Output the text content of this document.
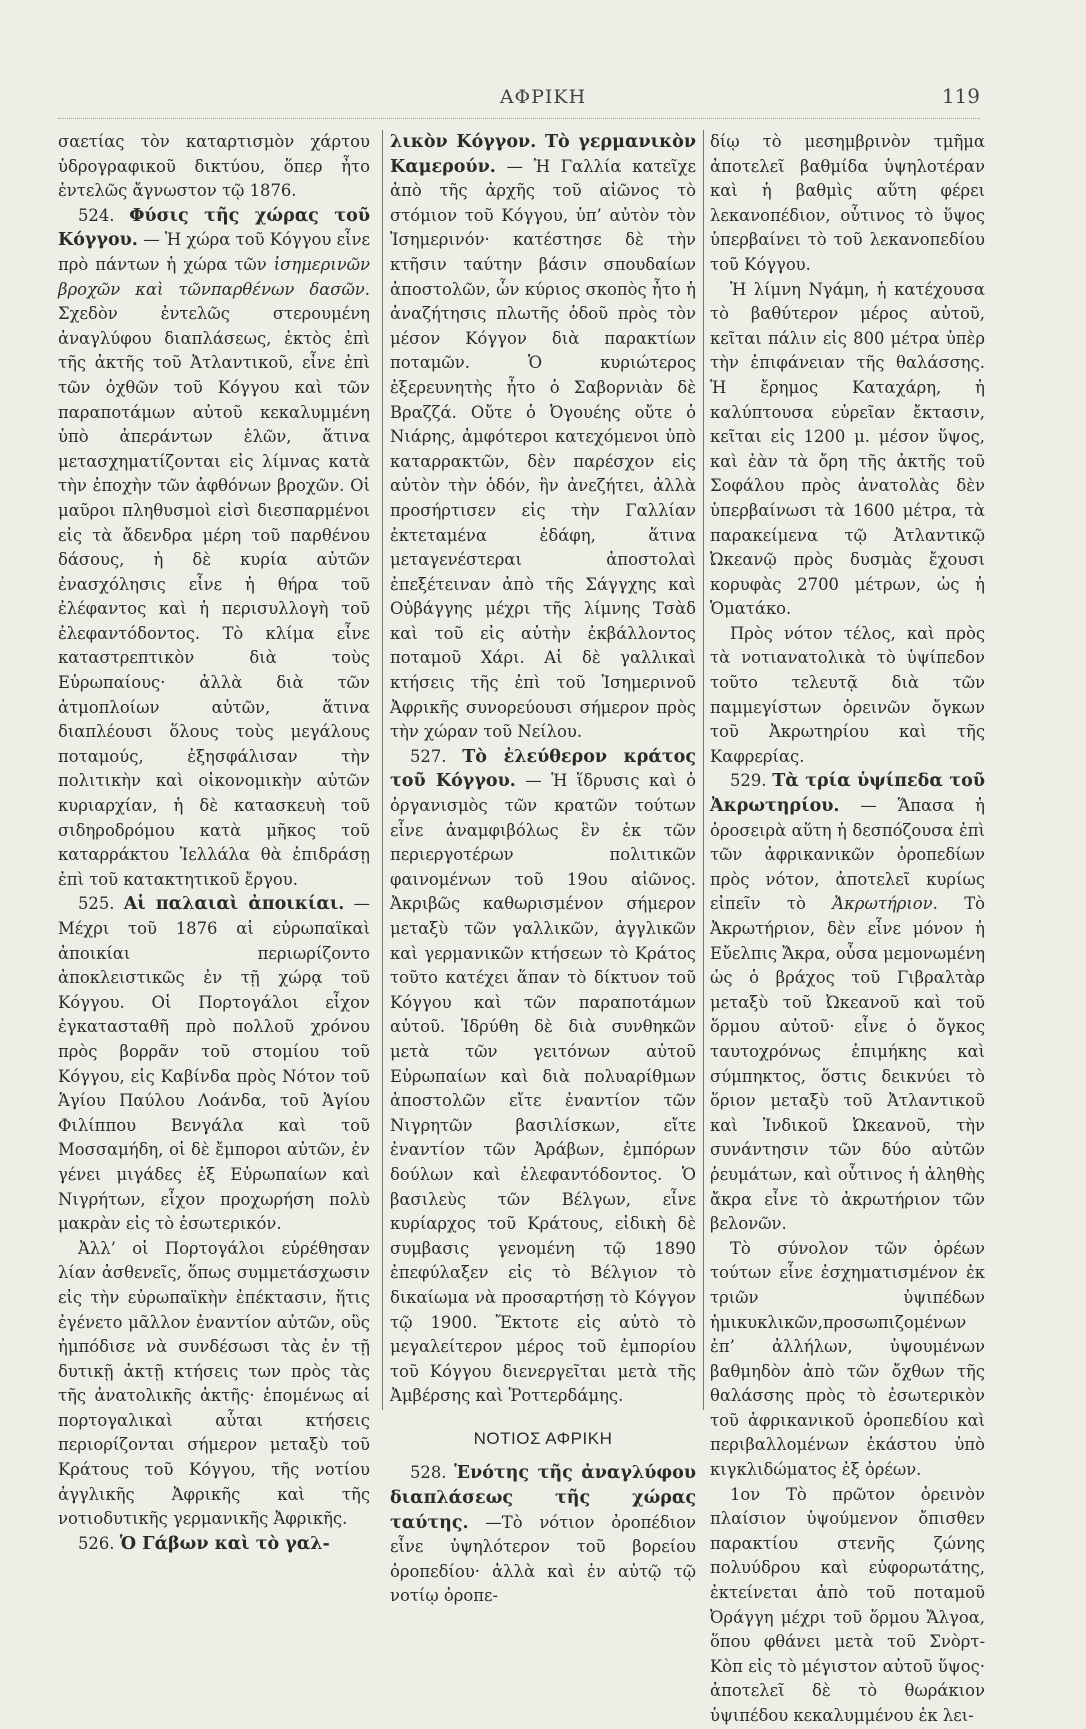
ΑΦΡΙΚΗ	119

σαετίας τὸν καταρτισμὸν χάρτου ὑδρογραφικοῦ δικτύου, ὅπερ ἦτο ἐντελῶς ἄγνωστον τῷ 1876.

524. Φύσις τῆς χώρας τοῦ Κόγγου. — Ἡ χώρα τοῦ Κόγγου εἶνε πρὸ πάντων ἡ χώρα τῶν ἰσημερινῶν βροχῶν καὶ τῶνπαρθένων δασῶν. Σχεδὸν ἐντελῶς στερουμένη ἀναγλύφου διαπλάσεως, ἐκτὸς ἐπὶ τῆς ἀκτῆς τοῦ Ἀτλαντικοῦ, εἶνε ἐπὶ τῶν ὀχθῶν τοῦ Κόγγου καὶ τῶν παραποτάμων αὐτοῦ κεκαλυμμένη ὑπὸ ἀπεράντων ἑλῶν, ἅτινα μετασχηματίζονται εἰς λίμνας κατὰ τὴν ἐποχὴν τῶν ἀφθόνων βροχῶν. Οἱ μαῦροι πληθυσμοὶ εἰσὶ διεσπαρμένοι εἰς τὰ ἄδενδρα μέρη τοῦ παρθένου δάσους, ἡ δὲ κυρία αὐτῶν ἐνασχόλησις εἶνε ἡ θήρα τοῦ ἐλέφαντος καὶ ἡ περισυλλογὴ τοῦ ἐλεφαντόδοντος. Τὸ κλίμα εἶνε καταστρεπτικὸν διὰ τοὺς Εὐρωπαίους· ἀλλὰ διὰ τῶν ἀτμοπλοίων αὐτῶν, ἅτινα διαπλέουσι ὅλους τοὺς μεγάλους ποταμούς, ἐξησφάλισαν τὴν πολιτικὴν καὶ οἰκονομικὴν αὐτῶν κυριαρχίαν, ἡ δὲ κατασκευὴ τοῦ σιδηροδρόμου κατὰ μῆκος τοῦ καταρράκτου Ἰελλάλα θὰ ἐπιδράσῃ ἐπὶ τοῦ κατακτητικοῦ ἔργου.

525. Αἱ παλαιαὶ ἀποικίαι. — Μέχρι τοῦ 1876 αἱ εὐρωπαϊκαὶ ἀποικίαι περιωρίζοντο ἀποκλειστικῶς ἐν τῇ χώρᾳ τοῦ Κόγγου. Οἱ Πορτογάλοι εἶχον ἐγκατασταθῆ πρὸ πολλοῦ χρόνου πρὸς βορρᾶν τοῦ στομίου τοῦ Κόγγου, εἰς Καβίνδα πρὸς Νότον τοῦ Ἁγίου Παύλου Λοάνδα, τοῦ Ἁγίου Φιλίππου Βενγάλα καὶ τοῦ Μοσσαμήδη, οἱ δὲ ἔμποροι αὐτῶν, ἐν γένει μιγάδες ἐξ Εὐρωπαίων καὶ Νιγρήτων, εἶχον προχωρήση πολὺ μακρὰν εἰς τὸ ἐσωτερικόν.

Ἀλλ’ οἱ Πορτογάλοι εὑρέθησαν λίαν ἀσθενεῖς, ὅπως συμμετάσχωσιν εἰς τὴν εὐρωπαϊκὴν ἐπέκτασιν, ἥτις ἐγένετο μᾶλλον ἐναντίον αὐτῶν, οὓς ἠμπόδισε νὰ συνδέσωσι τὰς ἐν τῇ δυτικῇ ἀκτῇ κτήσεις των πρὸς τὰς τῆς ἀνατολικῆς ἀκτῆς· ἑπομένως αἱ πορτογαλικαὶ αὗται κτήσεις περιορίζονται σήμερον μεταξὺ τοῦ Κράτους τοῦ Κόγγου, τῆς νοτίου ἀγγλικῆς Ἀφρικῆς καὶ τῆς νοτιοδυτικῆς γερμανικῆς Ἀφρικῆς.

526. Ὁ Γάβων καὶ τὸ γαλ-

λικὸν Κόγγον. Τὸ γερμανικὸν Καμερούν. — Ἡ Γαλλία κατεῖχε ἀπὸ τῆς ἀρχῆς τοῦ αἰῶνος τὸ στόμιον τοῦ Κόγγου, ὑπ’ αὐτὸν τὸν Ἰσημερινόν· κατέστησε δὲ τὴν κτῆσιν ταύτην βάσιν σπουδαίων ἀποστολῶν, ὧν κύριος σκοπὸς ἦτο ἡ ἀναζήτησις πλωτῆς ὁδοῦ πρὸς τὸν μέσον Κόγγον διὰ παρακτίων ποταμῶν. Ὁ κυριώτερος ἐξερευνητὴς ἦτο ὁ Σαβορνιὰν δὲ Βραζζά. Οὔτε ὁ Ὀγουέης οὔτε ὁ Νιάρης, ἀμφότεροι κατεχόμενοι ὑπὸ καταρρακτῶν, δὲν παρέσχον εἰς αὐτὸν τὴν ὁδόν, ἣν ἀνεζήτει, ἀλλὰ προσήρτισεν εἰς τὴν Γαλλίαν ἐκτεταμένα ἐδάφη, ἅτινα μεταγενέστεραι ἀποστολαὶ ἐπεξέτειναν ἀπὸ τῆς Σάγγχης καὶ Οὐβάγγης μέχρι τῆς λίμνης Τσὰδ καὶ τοῦ εἰς αὐτὴν ἐκβάλλοντος ποταμοῦ Χάρι. Αἱ δὲ γαλλικαὶ κτήσεις τῆς ἐπὶ τοῦ Ἰσημερινοῦ Ἀφρικῆς συνορεύουσι σήμερον πρὸς τὴν χώραν τοῦ Νείλου.

527. Τὸ ἐλεύθερον κράτος τοῦ Κόγγου. — Ἡ ἵδρυσις καὶ ὁ ὀργανισμὸς τῶν κρατῶν τούτων εἶνε ἀναμφιβόλως ἓν ἐκ τῶν περιεργοτέρων πολιτικῶν φαινομένων τοῦ 19ου αἰῶνος. Ἀκριβῶς καθωρισμένον σήμερον μεταξὺ τῶν γαλλικῶν, ἀγγλικῶν καὶ γερμανικῶν κτήσεων τὸ Κράτος τοῦτο κατέχει ἅπαν τὸ δίκτυον τοῦ Κόγγου καὶ τῶν παραποτάμων αὐτοῦ. Ἱδρύθη δὲ διὰ συνθηκῶν μετὰ τῶν γειτόνων αὐτοῦ Εὐρωπαίων καὶ διὰ πολυαρίθμων ἀποστολῶν εἴτε ἐναντίον τῶν Νιγρητῶν βασιλίσκων, εἴτε ἐναντίον τῶν Ἀράβων, ἐμπόρων δούλων καὶ ἐλεφαντόδοντος. Ὁ βασιλεὺς τῶν Βέλγων, εἶνε κυρίαρχος τοῦ Κράτους, εἰδικὴ δὲ συμβασις γενομένη τῷ 1890 ἐπεφύλαξεν εἰς τὸ Βέλγιον τὸ δικαίωμα νὰ προσαρτήσῃ τὸ Κόγγον τῷ 1900. Ἔκτοτε εἰς αὐτὸ τὸ μεγαλείτερον μέρος τοῦ ἐμπορίου τοῦ Κόγγου διενεργεῖται μετὰ τῆς Ἀμβέρσης καὶ Ῥοττερδάμης.

ΝΟΤΙΟΣ ΑΦΡΙΚΗ

528. Ἑνότης τῆς ἀναγλύφου διαπλάσεως τῆς χώρας ταύτης. —Τὸ νότιον ὀροπέδιον εἶνε ὑψηλότερον τοῦ βορείου ὀροπεδίου· ἀλλὰ καὶ ἐν αὐτῷ τῷ νοτίῳ ὀροπε-

δίῳ τὸ μεσημβρινὸν τμῆμα ἀποτελεῖ βαθμίδα ὑψηλοτέραν καὶ ἡ βαθμὶς αὕτη φέρει λεκανοπέδιον, οὗτινος τὸ ὕψος ὑπερβαίνει τὸ τοῦ λεκανοπεδίου τοῦ Κόγγου.

Ἡ λίμνη Νγάμη, ἡ κατέχουσα τὸ βαθύτερον μέρος αὐτοῦ, κεῖται πάλιν εἰς 800 μέτρα ὑπὲρ τὴν ἐπιφάνειαν τῆς θαλάσσης. Ἡ ἔρημος Καταχάρη, ἡ καλύπτουσα εὐρεῖαν ἔκτασιν, κεῖται εἰς 1200 μ. μέσον ὕψος, καὶ ἐὰν τὰ ὄρη τῆς ἀκτῆς τοῦ Σοφάλου πρὸς ἀνατολὰς δὲν ὑπερβαίνωσι τὰ 1600 μέτρα, τὰ παρακείμενα τῷ Ἀτλαντικῷ Ὠκεανῷ πρὸς δυσμὰς ἔχουσι κορυφὰς 2700 μέτρων, ὡς ἡ Ὁματάκο.

Πρὸς νότον τέλος, καὶ πρὸς τὰ νοτιανατολικὰ τὸ ὑψίπεδον τοῦτο τελευτᾷ διὰ τῶν παμμεγίστων ὀρεινῶν ὄγκων τοῦ Ἀκρωτηρίου καὶ τῆς Καφρερίας.

529. Τὰ τρία ὑψίπεδα τοῦ Ἀκρωτηρίου. — Ἅπασα ἡ ὀροσειρὰ αὕτη ἡ δεσπόζουσα ἐπὶ τῶν ἀφρικανικῶν ὀροπεδίων πρὸς νότον, ἀποτελεῖ κυρίως εἰπεῖν τὸ Ἀκρωτήριον. Τὸ Ἀκρωτήριον, δὲν εἶνε μόνον ἡ Εὔελπις Ἄκρα, οὖσα μεμονωμένη ὡς ὁ βράχος τοῦ Γιβραλτὰρ μεταξὺ τοῦ Ὠκεανοῦ καὶ τοῦ ὅρμου αὐτοῦ· εἶνε ὁ ὄγκος ταυτοχρόνως ἐπιμήκης καὶ σύμπηκτος, ὅστις δεικνύει τὸ ὅριον μεταξὺ τοῦ Ἀτλαντικοῦ καὶ Ἰνδικοῦ Ὠκεανοῦ, τὴν συνάντησιν τῶν δύο αὐτῶν ῥευμάτων, καὶ οὗτινος ἡ ἀληθὴς ἄκρα εἶνε τὸ ἀκρωτήριον τῶν βελονῶν.

Τὸ σύνολον τῶν ὀρέων τούτων εἶνε ἐσχηματισμένον ἐκ τριῶν ὑψιπέδων ἡμικυκλικῶν,προσωπιζομένων ἐπ’ ἀλλήλων, ὑψουμένων βαθμηδὸν ἀπὸ τῶν ὄχθων τῆς θαλάσσης πρὸς τὸ ἐσωτερικὸν τοῦ ἀφρικανικοῦ ὀροπεδίου καὶ περιβαλλομένων ἑκάστου ὑπὸ κιγκλιδώματος ἐξ ὀρέων.

1ον Τὸ πρῶτον ὀρεινὸν πλαίσιον ὑψούμενον ὄπισθεν παρακτίου στενῆς ζώνης πολυύδρου καὶ εὐφορωτάτης, ἐκτείνεται ἀπὸ τοῦ ποταμοῦ Ὀράγγη μέχρι τοῦ ὅρμου Ἄλγοα, ὅπου φθάνει μετὰ τοῦ Σνὸρτ-Κὸπ εἰς τὸ μέγιστον αὐτοῦ ὕψος· ἀποτελεῖ δὲ τὸ θωράκιον ὑψιπέδου κεκαλυμμένου ἐκ λει-
